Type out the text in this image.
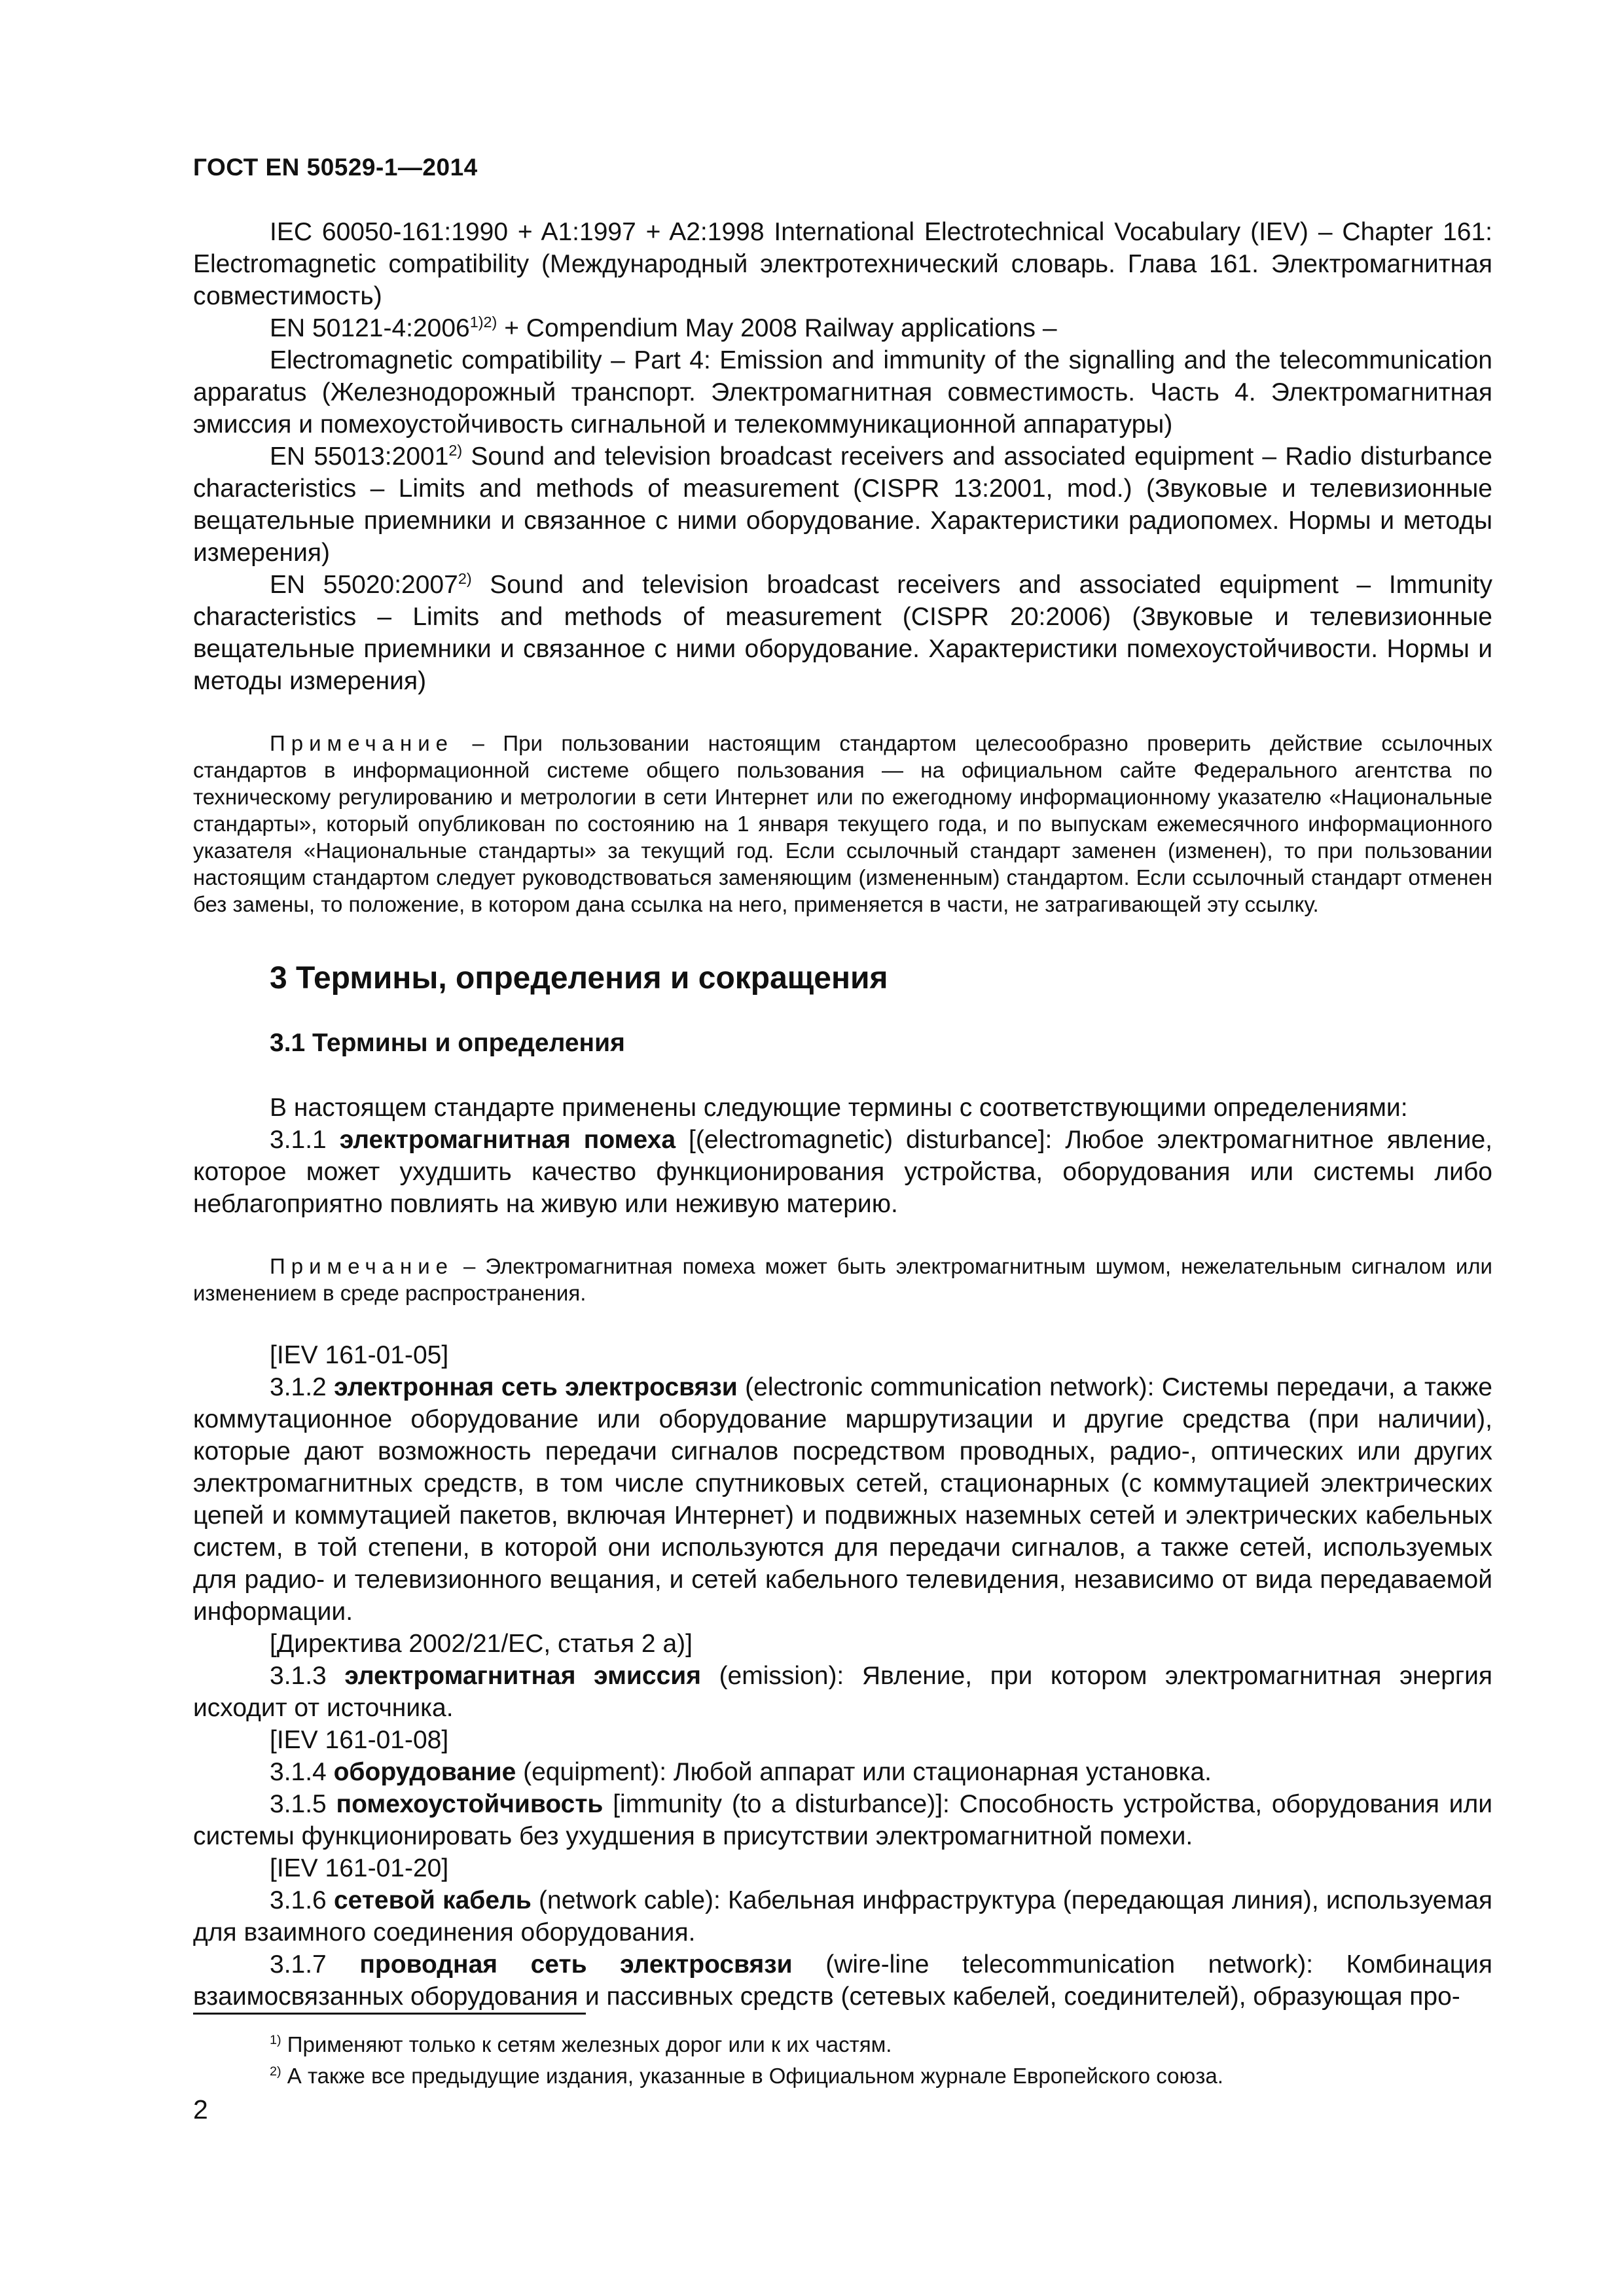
ГОСТ EN 50529-1—2014

IEC 60050-161:1990 + A1:1997 + A2:1998 International Electrotechnical Vocabulary (IEV) – Chapter 161: Electromagnetic compatibility (Международный электротехнический словарь. Глава 161. Электромагнитная совместимость)

EN $50121-4:2006^{1)2)}$ + Compendium May 2008 Railway applications –

Electromagnetic compatibility – Part 4: Emission and immunity of the signalling and the telecommunication apparatus (Железнодорожный транспорт. Электромагнитная совместимость. Часть 4. Электромагнитная эмиссия и помехоустойчивость сигнальной и телекоммуникационной аппаратуры)

EN 55013:2001$^{2)}$ Sound and television broadcast receivers and associated equipment – Radio disturbance characteristics – Limits and methods of measurement (CISPR 13:2001, mod.) (Звуковые и телевизионные вещательные приемники и связанное с ними оборудование. Характеристики радиопомех. Нормы и методы измерения)

EN 55020:2007$^{2)}$ Sound and television broadcast receivers and associated equipment – Immunity characteristics – Limits and methods of measurement (CISPR 20:2006) (Звуковые и телевизионные вещательные приемники и связанное с ними оборудование. Характеристики помехоустойчивости. Нормы и методы измерения)

Примечание – При пользовании настоящим стандартом целесообразно проверить действие ссылочных стандартов в информационной системе общего пользования — на официальном сайте Федерального агентства по техническому регулированию и метрологии в сети Интернет или по ежегодному информационному указателю «Национальные стандарты», который опубликован по состоянию на 1 января текущего года, и по выпускам ежемесячного информационного указателя «Национальные стандарты» за текущий год. Если ссылочный стандарт заменен (изменен), то при пользовании настоящим стандартом следует руководствоваться заменяющим (измененным) стандартом. Если ссылочный стандарт отменен без замены, то положение, в котором дана ссылка на него, применяется в части, не затрагивающей эту ссылку.

3 Термины, определения и сокращения
3.1 Термины и определения

В настоящем стандарте применены следующие термины с соответствующими определениями:

3.1.1 электромагнитная помеха [(electromagnetic) disturbance]: Любое электромагнитное явление, которое может ухудшить качество функционирования устройства, оборудования или системы либо неблагоприятно повлиять на живую или неживую материю.

Примечание – Электромагнитная помеха может быть электромагнитным шумом, нежелательным сигналом или изменением в среде распространения.

[IEV 161-01-05]

3.1.2 электронная сеть электросвязи (electronic communication network): Системы передачи, а также коммутационное оборудование или оборудование маршрутизации и другие средства (при наличии), которые дают возможность передачи сигналов посредством проводных, радио-, оптических или других электромагнитных средств, в том числе спутниковых сетей, стационарных (с коммутацией электрических цепей и коммутацией пакетов, включая Интернет) и подвижных наземных сетей и электрических кабельных систем, в той степени, в которой они используются для передачи сигналов, а также сетей, используемых для радио- и телевизионного вещания, и сетей кабельного телевидения, независимо от вида передаваемой информации.

[Директива 2002/21/EC, статья 2 a)]

3.1.3 электромагнитная эмиссия (emission): Явление, при котором электромагнитная энергия исходит от источника.

[IEV 161-01-08]

3.1.4 оборудование (equipment): Любой аппарат или стационарная установка.

3.1.5 помехоустойчивость [immunity (to a disturbance)]: Способность устройства, оборудования или системы функционировать без ухудшения в присутствии электромагнитной помехи.

[IEV 161-01-20]

3.1.6 сетевой кабель (network cable): Кабельная инфраструктура (передающая линия), используемая для взаимного соединения оборудования.

3.1.7 проводная сеть электросвязи (wire-line telecommunication network): Комбинация взаимосвязанных оборудования и пассивных средств (сетевых кабелей, соединителей), образующая про-

$^{1)}$ Применяют только к сетям железных дорог или к их частям.
$^{2)}$ А также все предыдущие издания, указанные в Официальном журнале Европейского союза.
2
